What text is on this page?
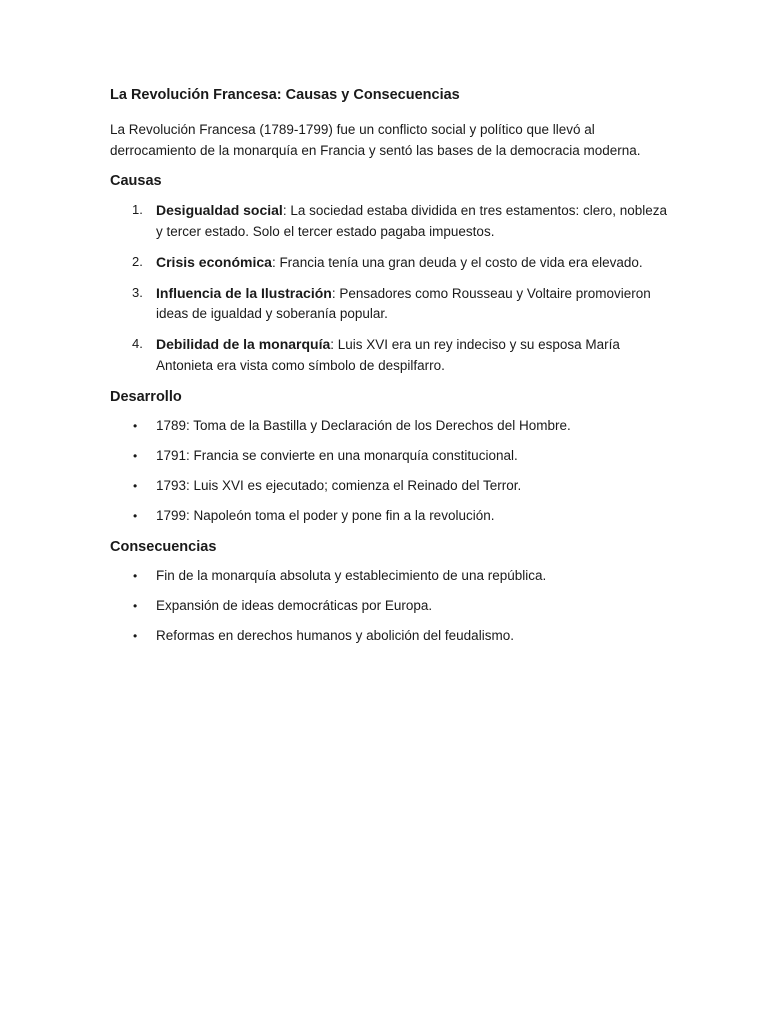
La Revolución Francesa: Causas y Consecuencias

La Revolución Francesa (1789-1799) fue un conflicto social y político que llevó al derrocamiento de la monarquía en Francia y sentó las bases de la democracia moderna.

Causas
1. Desigualdad social: La sociedad estaba dividida en tres estamentos: clero, nobleza y tercer estado. Solo el tercer estado pagaba impuestos.
2. Crisis económica: Francia tenía una gran deuda y el costo de vida era elevado.
3. Influencia de la Ilustración: Pensadores como Rousseau y Voltaire promovieron ideas de igualdad y soberanía popular.
4. Debilidad de la monarquía: Luis XVI era un rey indeciso y su esposa María Antonieta era vista como símbolo de despilfarro.
Desarrollo
• 1789: Toma de la Bastilla y Declaración de los Derechos del Hombre.
• 1791: Francia se convierte en una monarquía constitucional.
• 1793: Luis XVI es ejecutado; comienza el Reinado del Terror.
• 1799: Napoleón toma el poder y pone fin a la revolución.
Consecuencias
• Fin de la monarquía absoluta y establecimiento de una república.
• Expansión de ideas democráticas por Europa.
• Reformas en derechos humanos y abolición del feudalismo.
